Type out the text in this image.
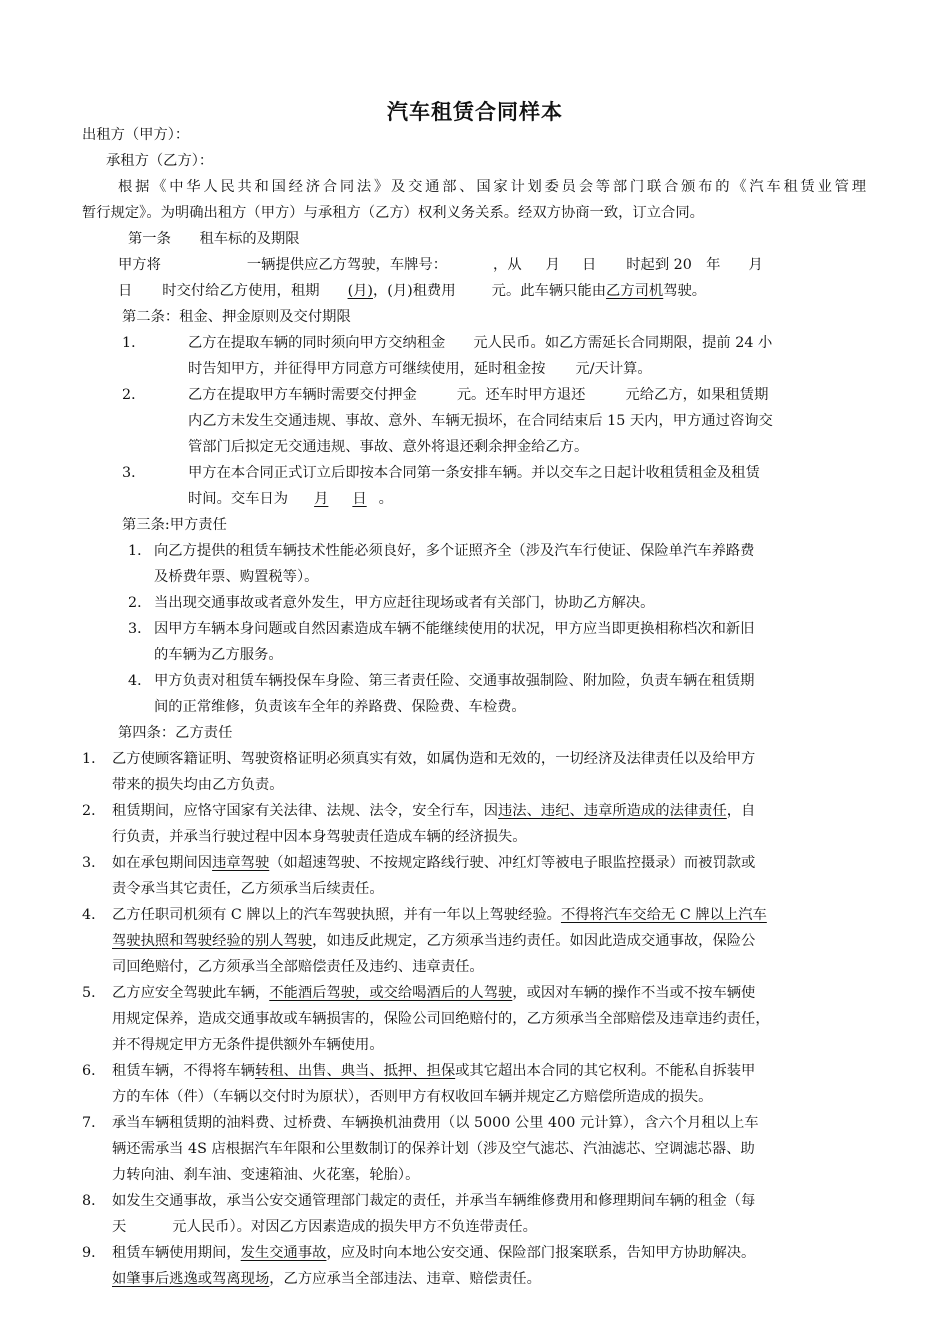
汽车租赁合同样本
出租方（甲方）：
承租方（乙方）：
根据《中华人民共和国经济合同法》及交通部、国家计划委员会等部门联合颁布的《汽车租赁业管理
暂行规定》。为明确出租方（甲方）与承租方（乙方）权利义务关系。经双方协商一致，订立合同。
第一条　　租车标的及期限
甲方将	一辆提供应乙方驾驶，车牌号：	，从 月 日 时起到 20　年 月
日 时交付给乙方使用，租期 (月)，(月)租费用	元。此车辆只能由乙方司机驾驶。
第二条：租金、押金原则及交付期限
1．	乙方在提取车辆的同时须向甲方交纳租金 元人民币。如乙方需延长合同期限，提前 24 小
时告知甲方，并征得甲方同意方可继续使用，延时租金按 元/天计算。
2．	乙方在提取甲方车辆时需要交付押金	元。还车时甲方退还	元给乙方，如果租赁期
内乙方未发生交通违规、事故、意外、车辆无损坏，在合同结束后 15 天内，甲方通过咨询交
管部门后拟定无交通违规、事故、意外将退还剩余押金给乙方。
3．	甲方在本合同正式订立后即按本合同第一条安排车辆。并以交车之日起计收租赁租金及租赁
时间。交车日为 月 日 。
第三条:甲方责任
1． 向乙方提供的租赁车辆技术性能必须良好，多个证照齐全（涉及汽车行使证、保险单汽车养路费
及桥费年票、购置税等）。
2． 当出现交通事故或者意外发生，甲方应赶往现场或者有关部门，协助乙方解决。
3． 因甲方车辆本身问题或自然因素造成车辆不能继续使用的状况，甲方应当即更换相称档次和新旧
的车辆为乙方服务。
4． 甲方负责对租赁车辆投保车身险、第三者责任险、交通事故强制险、附加险，负责车辆在租赁期
间的正常维修，负责该车全年的养路费、保险费、车检费。
第四条：乙方责任
1． 乙方使顾客籍证明、驾驶资格证明必须真实有效，如属伪造和无效的，一切经济及法律责任以及给甲方
带来的损失均由乙方负责。
2． 租赁期间，应恪守国家有关法律、法规、法令，安全行车，因违法、违纪、违章所造成的法律责任，自
行负责，并承当行驶过程中因本身驾驶责任造成车辆的经济损失。
3． 如在承包期间因违章驾驶（如超速驾驶、不按规定路线行驶、冲红灯等被电子眼监控摄录）而被罚款或
责令承当其它责任，乙方须承当后续责任。
4． 乙方任职司机须有 C 牌以上的汽车驾驶执照，并有一年以上驾驶经验。不得将汽车交给无 C 牌以上汽车
驾驶执照和驾驶经验的别人驾驶，如违反此规定，乙方须承当违约责任。如因此造成交通事故，保险公
司回绝赔付，乙方须承当全部赔偿责任及违约、违章责任。
5． 乙方应安全驾驶此车辆，不能酒后驾驶，或交给喝酒后的人驾驶，或因对车辆的操作不当或不按车辆使
用规定保养，造成交通事故或车辆损害的，保险公司回绝赔付的，乙方须承当全部赔偿及违章违约责任，
并不得规定甲方无条件提供额外车辆使用。
6． 租赁车辆，不得将车辆转租、出售、典当、抵押、担保或其它超出本合同的其它权利。不能私自拆装甲
方的车体（件）（车辆以交付时为原状），否则甲方有权收回车辆并规定乙方赔偿所造成的损失。
7． 承当车辆租赁期的油料费、过桥费、车辆换机油费用（以 5000 公里 400 元计算），含六个月租以上车
辆还需承当 4S 店根据汽车年限和公里数制订的保养计划（涉及空气滤芯、汽油滤芯、空调滤芯器、助
力转向油、刹车油、变速箱油、火花塞，轮胎）。
8． 如发生交通事故，承当公安交通管理部门裁定的责任，并承当车辆维修费用和修理期间车辆的租金（每
天	元人民币）。对因乙方因素造成的损失甲方不负连带责任。
9． 租赁车辆使用期间，发生交通事故，应及时向本地公安交通、保险部门报案联系，告知甲方协助解决。
如肇事后逃逸或驾离现场，乙方应承当全部违法、违章、赔偿责任。
